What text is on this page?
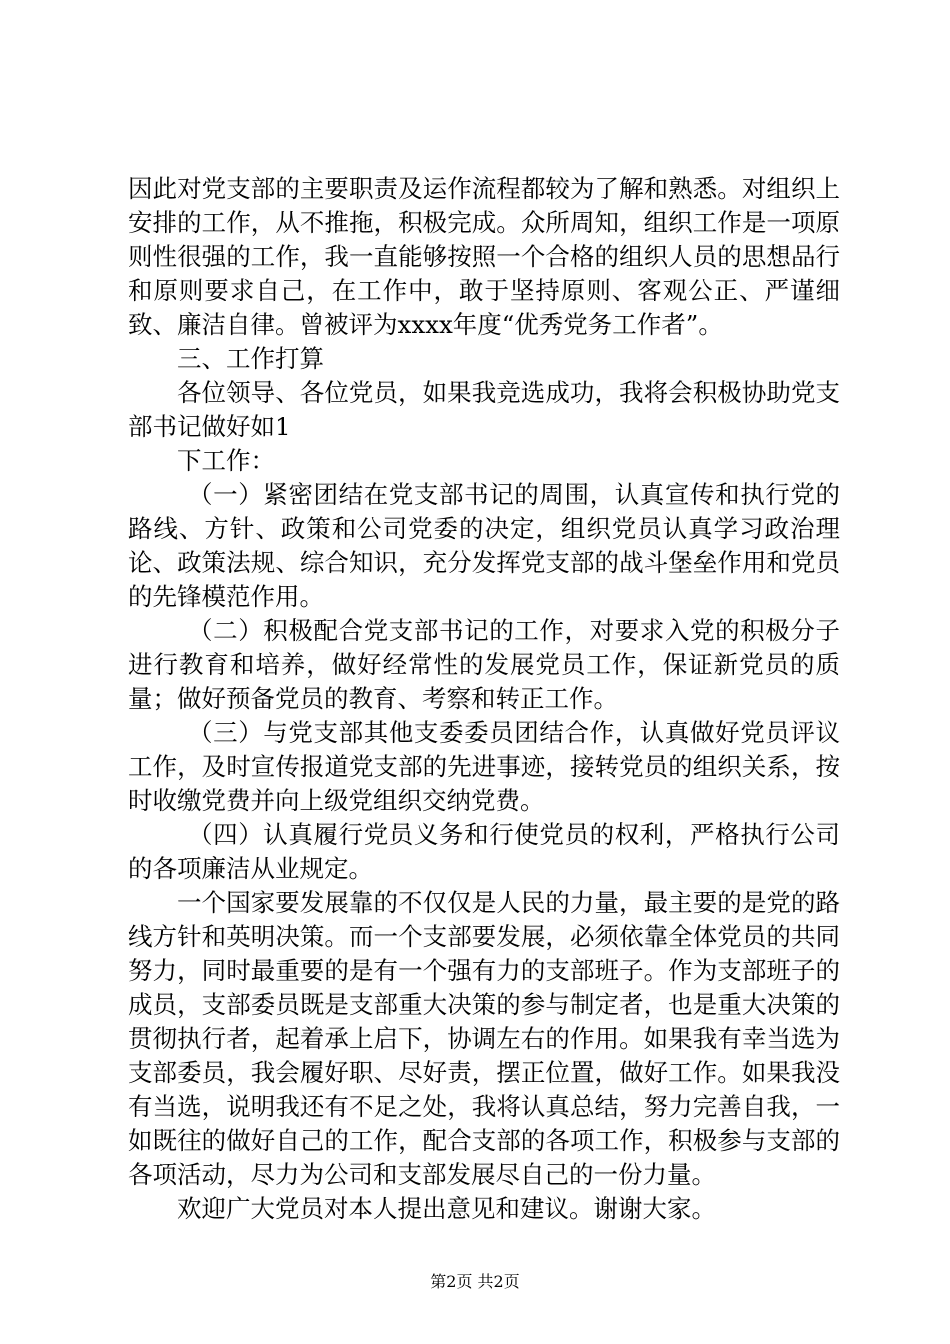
因此对党支部的主要职责及运作流程都较为了解和熟悉。对组织上安排的工作，从不推拖，积极完成。众所周知，组织工作是一项原则性很强的工作，我一直能够按照一个合格的组织人员的思想品行和原则要求自己，在工作中，敢于坚持原则、客观公正、严谨细致、廉洁自律。曾被评为xxxx年度“优秀党务工作者”。

三、工作打算

各位领导、各位党员，如果我竞选成功，我将会积极协助党支部书记做好如1

下工作：

（一）紧密团结在党支部书记的周围，认真宣传和执行党的路线、方针、政策和公司党委的决定，组织党员认真学习政治理论、政策法规、综合知识，充分发挥党支部的战斗堡垒作用和党员的先锋模范作用。

（二）积极配合党支部书记的工作，对要求入党的积极分子进行教育和培养，做好经常性的发展党员工作，保证新党员的质量；做好预备党员的教育、考察和转正工作。

（三）与党支部其他支委委员团结合作，认真做好党员评议工作，及时宣传报道党支部的先进事迹，接转党员的组织关系，按时收缴党费并向上级党组织交纳党费。

（四）认真履行党员义务和行使党员的权利，严格执行公司的各项廉洁从业规定。

一个国家要发展靠的不仅仅是人民的力量，最主要的是党的路线方针和英明决策。而一个支部要发展，必须依靠全体党员的共同努力，同时最重要的是有一个强有力的支部班子。作为支部班子的成员，支部委员既是支部重大决策的参与制定者，也是重大决策的贯彻执行者，起着承上启下，协调左右的作用。如果我有幸当选为支部委员，我会履好职、尽好责，摆正位置，做好工作。如果我没有当选，说明我还有不足之处，我将认真总结，努力完善自我，一如既往的做好自己的工作，配合支部的各项工作，积极参与支部的各项活动，尽力为公司和支部发展尽自己的一份力量。

欢迎广大党员对本人提出意见和建议。谢谢大家。

第2页 共2页
